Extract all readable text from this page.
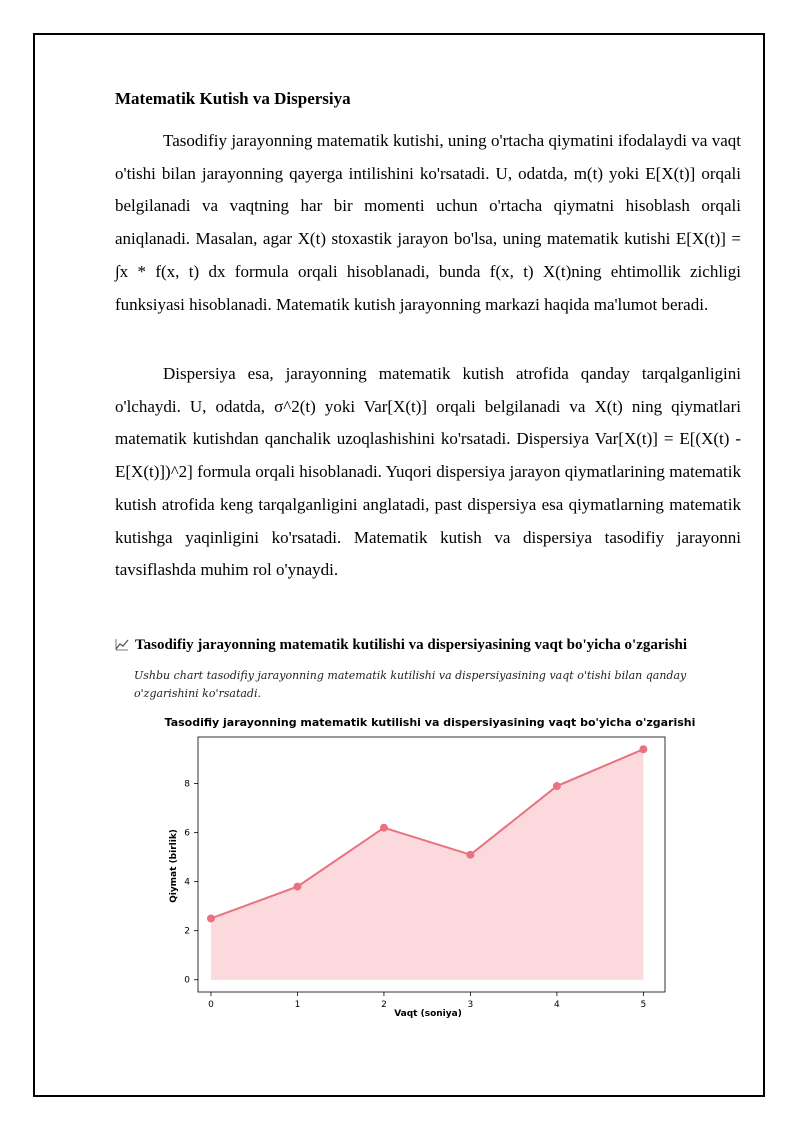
Matematik Kutish va Dispersiya

Tasodifiy jarayonning matematik kutishi, uning o'rtacha qiymatini ifodalaydi va vaqt o'tishi bilan jarayonning qayerga intilishini ko'rsatadi. U, odatda, m(t) yoki E[X(t)] orqali belgilanadi va vaqtning har bir momenti uchun o'rtacha qiymatni hisoblash orqali aniqlanadi. Masalan, agar X(t) stoxastik jarayon bo'lsa, uning matematik kutishi E[X(t)] = ∫x * f(x, t) dx formula orqali hisoblanadi, bunda f(x, t) X(t)ning ehtimollik zichligi funksiyasi hisoblanadi. Matematik kutish jarayonning markazi haqida ma'lumot beradi.

Dispersiya esa, jarayonning matematik kutish atrofida qanday tarqalganligini o'lchaydi. U, odatda, σ^2(t) yoki Var[X(t)] orqali belgilanadi va X(t) ning qiymatlari matematik kutishdan qanchalik uzoqlashishini ko'rsatadi. Dispersiya Var[X(t)] = E[(X(t) - E[X(t)])^2] formula orqali hisoblanadi. Yuqori dispersiya jarayon qiymatlarining matematik kutish atrofida keng tarqalganligini anglatadi, past dispersiya esa qiymatlarning matematik kutishga yaqinligini ko'rsatadi. Matematik kutish va dispersiya tasodifiy jarayonni tavsiflashda muhim rol o'ynaydi.

Tasodifiy jarayonning matematik kutilishi va dispersiyasining vaqt bo'yicha o'zgarishi
Ushbu chart tasodifiy jarayonning matematik kutilishi va dispersiyasining vaqt o'tishi bilan qanday o'zgarishini ko'rsatadi.
Tasodifiy jarayonning matematik kutilishi va dispersiyasining vaqt bo'yicha o'zgarishi
0	1	2	3	4	5
0
2
4
6
8
Vaqt (soniya)
Qiymat (birlik)
